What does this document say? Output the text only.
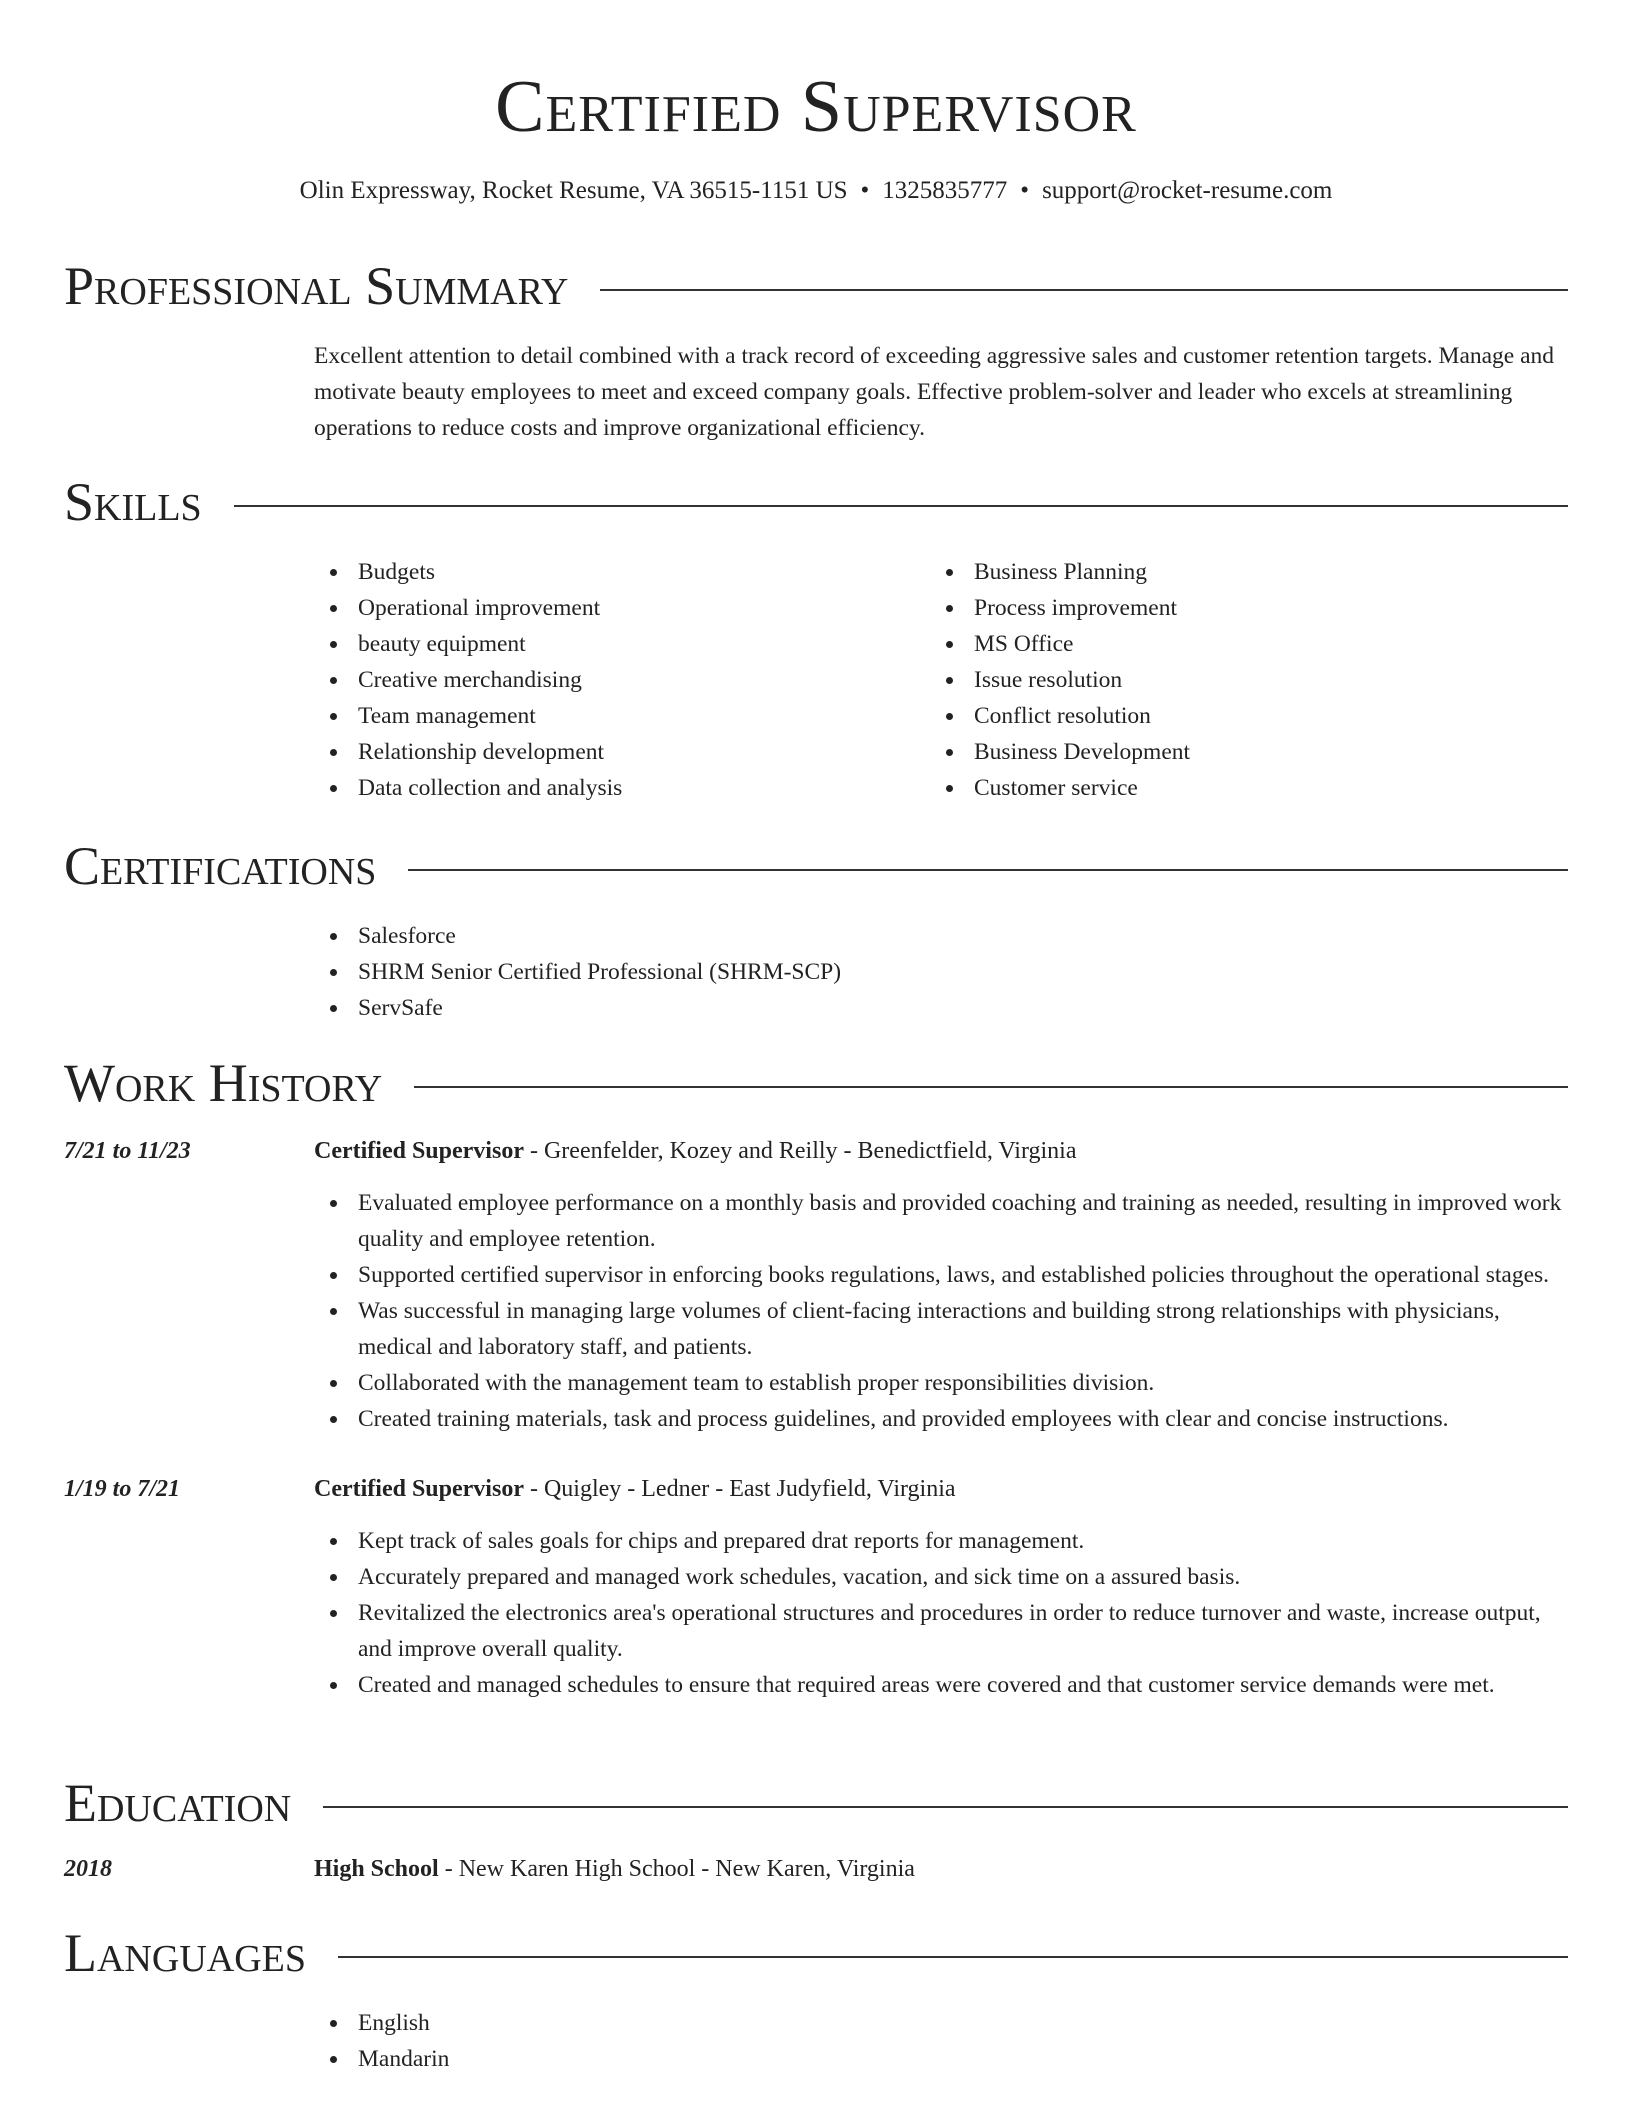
Certified Supervisor
Olin Expressway, Rocket Resume, VA 36515-1151 US • 1325835777 • support@rocket-resume.com
Professional Summary

Excellent attention to detail combined with a track record of exceeding aggressive sales and customer retention targets. Manage and motivate beauty employees to meet and exceed company goals. Effective problem-solver and leader who excels at streamlining operations to reduce costs and improve organizational efficiency.

Skills
Budgets
Operational improvement
beauty equipment
Creative merchandising
Team management
Relationship development
Data collection and analysis
Business Planning
Process improvement
MS Office
Issue resolution
Conflict resolution
Business Development
Customer service
Certifications
Salesforce
SHRM Senior Certified Professional (SHRM-SCP)
ServSafe
Work History
7/21 to 11/23	Certified Supervisor - Greenfelder, Kozey and Reilly - Benedictfield, Virginia
Evaluated employee performance on a monthly basis and provided coaching and training as needed, resulting in improved work quality and employee retention.
Supported certified supervisor in enforcing books regulations, laws, and established policies throughout the operational stages.
Was successful in managing large volumes of client-facing interactions and building strong relationships with physicians, medical and laboratory staff, and patients.
Collaborated with the management team to establish proper responsibilities division.
Created training materials, task and process guidelines, and provided employees with clear and concise instructions.
1/19 to 7/21	Certified Supervisor - Quigley - Ledner - East Judyfield, Virginia
Kept track of sales goals for chips and prepared drat reports for management.
Accurately prepared and managed work schedules, vacation, and sick time on a assured basis.
Revitalized the electronics area's operational structures and procedures in order to reduce turnover and waste, increase output, and improve overall quality.
Created and managed schedules to ensure that required areas were covered and that customer service demands were met.
Education
2018	High School - New Karen High School - New Karen, Virginia
Languages
English
Mandarin
